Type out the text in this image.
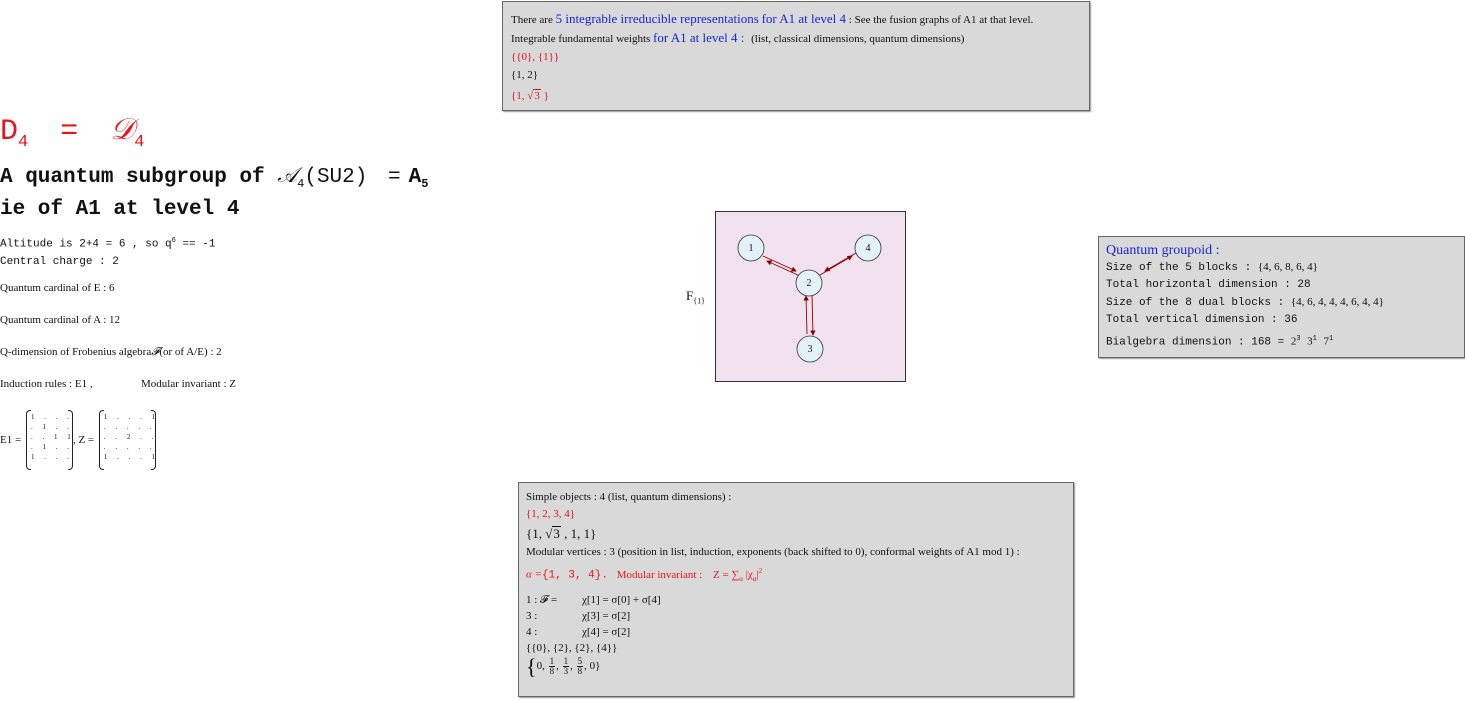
$D_4$ = 𝒟$_4$
A quantum subgroup of 𝒜$_4$(SU2) = $A_5$
ie of A1 at level 4
Altitude is 2+4 = 6 , so $q^6 == -1$
Central charge : 2
Quantum cardinal of E : 6
Quantum cardinal of A : 12
Q-dimension of Frobenius algebra𝓕(or of A/E) : 2
Induction rules : E1 ,	Modular invariant : Z
E1 =
1 . . .
. 1 . .
. . 1 1
. 1 . .
1 . . .
, Z =
1 . . . 1
. . . . .
. . 2 . .
. . . . .
1 . . . 1
There are 5 integrable irreducible representations for A1 at level 4 : See the fusion graphs of A1 at that level.
Integrable fundamental weights for A1 at level 4 : (list, classical dimensions, quantum dimensions)
{{0}, {1}}
{1, 2}
{1, √3 }
$F_{\{1\}}$
1
2
3
4	Quantum groupoid :
Size of the 5 blocks : {4, 6, 8, 6, 4}
Total horizontal dimension : 28
Size of the 8 dual blocks : {4, 6, 4, 4, 4, 6, 4, 4}
Total vertical dimension : 36
Bialgebra dimension : $168 = 2^3$ $3^1$ $7^1$
Simple objects : 4 (list, quantum dimensions) :
{1, 2, 3, 4}
{1, √3 , 1, 1}
Modular vertices : 3 (position in list, induction, exponents (back shifted to 0), conformal weights of A1 mod 1) :
α ={1, 3, 4}. Modular invariant : $Z = \sum_\alpha$ $|\chi_\alpha|^2$
1 : 𝓕 = χ[1] = σ[0] + σ[4]
3 :	χ[3] = σ[2]
4 :	χ[4] = σ[2]
{{0}, {2}, {2}, {4}}
{0, $\frac{1}{8}$ , $\frac{1}{3}$ , $\frac{5}{8}$ , 0}
